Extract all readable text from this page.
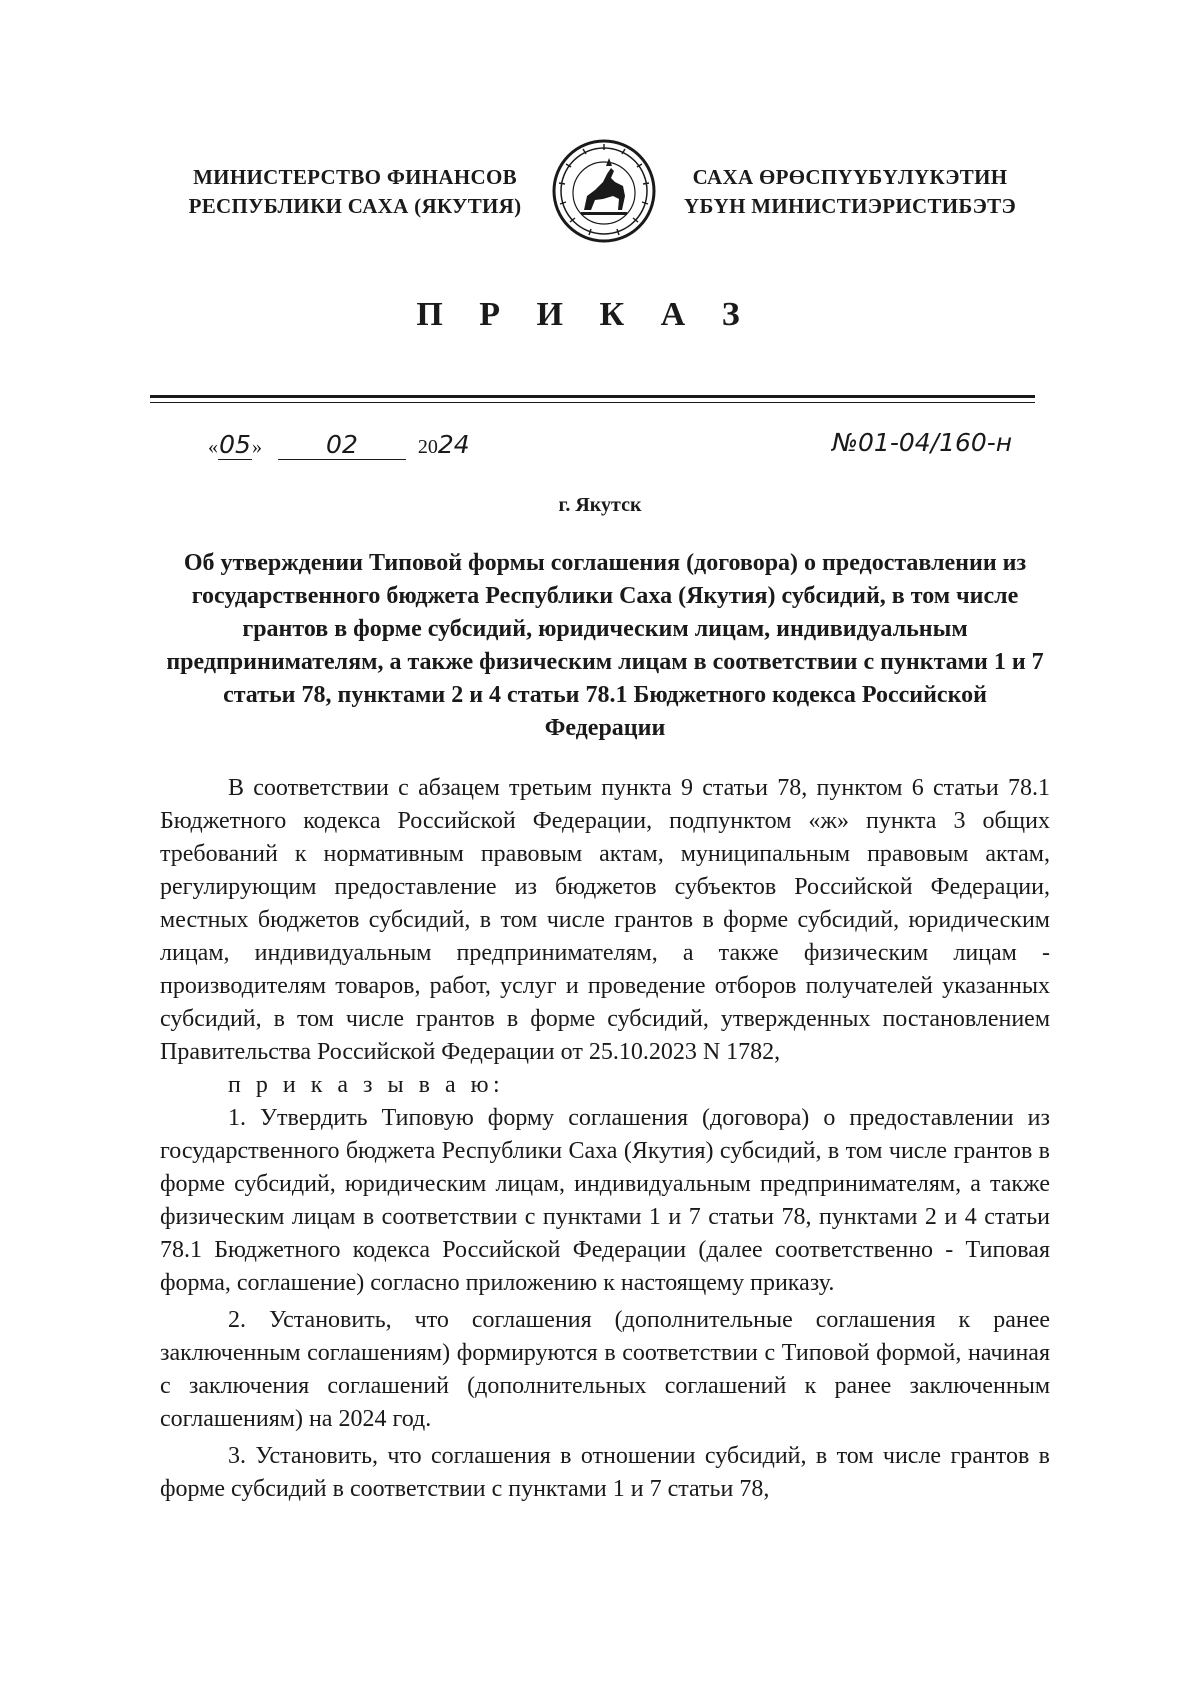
МИНИСТЕРСТВО ФИНАНСОВ
РЕСПУБЛИКИ САХА (ЯКУТИЯ)
САХА ӨРӨСПҮҮБҮЛҮКЭТИН
ҮБҮН МИНИСТИЭРИСТИБЭТЭ
П Р И К А З
«05»	02	2024	№01-04/160-н
г. Якутск
Об утверждении Типовой формы соглашения (договора) о предоставлении из государственного бюджета Республики Саха (Якутия) субсидий, в том числе грантов в форме субсидий, юридическим лицам, индивидуальным предпринимателям, а также физическим лицам в соответствии с пунктами 1 и 7 статьи 78, пунктами 2 и 4 статьи 78.1 Бюджетного кодекса Российской Федерации

В соответствии с абзацем третьим пункта 9 статьи 78, пунктом 6 статьи 78.1 Бюджетного кодекса Российской Федерации, подпунктом «ж» пункта 3 общих требований к нормативным правовым актам, муниципальным правовым актам, регулирующим предоставление из бюджетов субъектов Российской Федерации, местных бюджетов субсидий, в том числе грантов в форме субсидий, юридическим лицам, индивидуальным предпринимателям, а также физическим лицам - производителям товаров, работ, услуг и проведение отборов получателей указанных субсидий, в том числе грантов в форме субсидий, утвержденных постановлением Правительства Российской Федерации от 25.10.2023 N 1782,

п р и к а з ы в а ю:

1. Утвердить Типовую форму соглашения (договора) о предоставлении из государственного бюджета Республики Саха (Якутия) субсидий, в том числе грантов в форме субсидий, юридическим лицам, индивидуальным предпринимателям, а также физическим лицам в соответствии с пунктами 1 и 7 статьи 78, пунктами 2 и 4 статьи 78.1 Бюджетного кодекса Российской Федерации (далее соответственно - Типовая форма, соглашение) согласно приложению к настоящему приказу.

2. Установить, что соглашения (дополнительные соглашения к ранее заключенным соглашениям) формируются в соответствии с Типовой формой, начиная с заключения соглашений (дополнительных соглашений к ранее заключенным соглашениям) на 2024 год.

3. Установить, что соглашения в отношении субсидий, в том числе грантов в форме субсидий в соответствии с пунктами 1 и 7 статьи 78,
